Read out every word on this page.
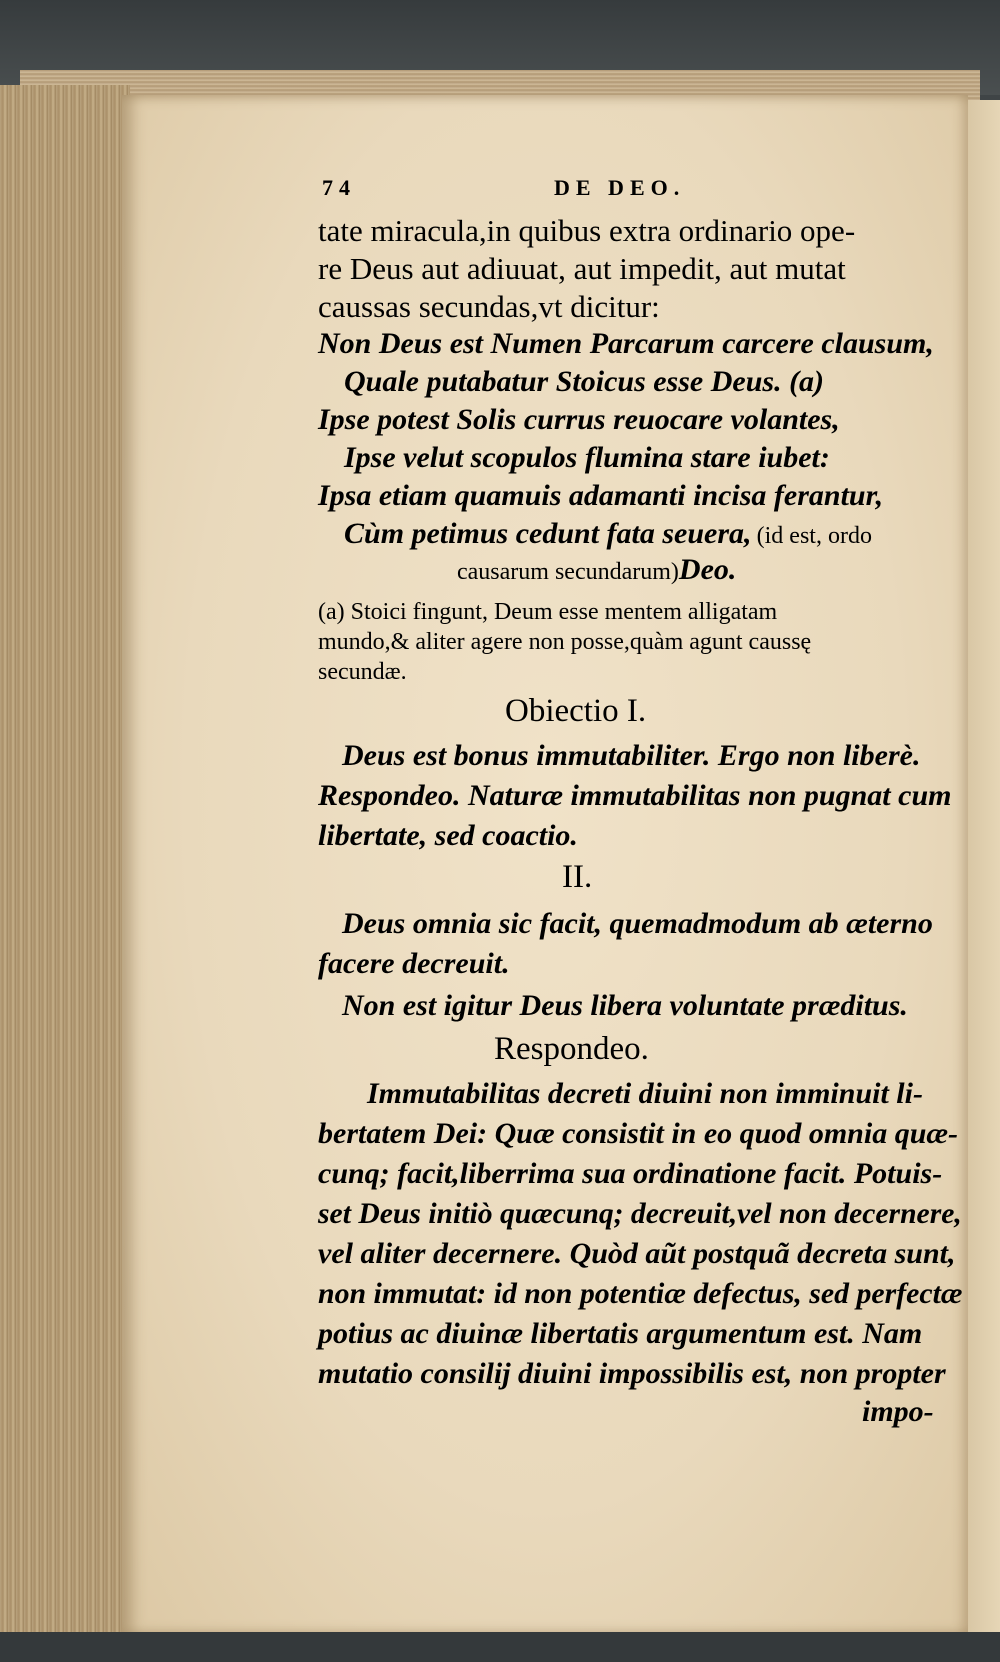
74	DE DEO.
tate miracula,in quibus extra ordinario ope-
re Deus aut adiuuat, aut impedit, aut mutat
caussas secundas,vt dicitur:
Non Deus est Numen Parcarum carcere clausum,
Quale putabatur Stoicus esse Deus. (a)
Ipse potest Solis currus reuocare volantes,
Ipse velut scopulos flumina stare iubet:
Ipsa etiam quamuis adamanti incisa ferantur,
Cùm petimus cedunt fata seuera, (id est, ordo
causarum secundarum)Deo.
(a) Stoici fingunt, Deum esse mentem alligatam
mundo,& aliter agere non posse,quàm agunt caussę
secundæ.
Obiectio I.
Deus est bonus immutabiliter. Ergo non liberè.
Respondeo. Naturæ immutabilitas non pugnat cum
libertate, sed coactio.
II.
Deus omnia sic facit, quemadmodum ab æterno
facere decreuit.
Non est igitur Deus libera voluntate præditus.
Respondeo.
Immutabilitas decreti diuini non imminuit li-
bertatem Dei: Quæ consistit in eo quod omnia quæ-
cunq; facit,liberrima sua ordinatione facit. Potuis-
set Deus initiò quæcunq; decreuit,vel non decernere,
vel aliter decernere. Quòd aũt postquã decreta sunt,
non immutat: id non potentiæ defectus, sed perfectæ
potius ac diuinæ libertatis argumentum est. Nam
mutatio consilij diuini impossibilis est, non propter
impo-
